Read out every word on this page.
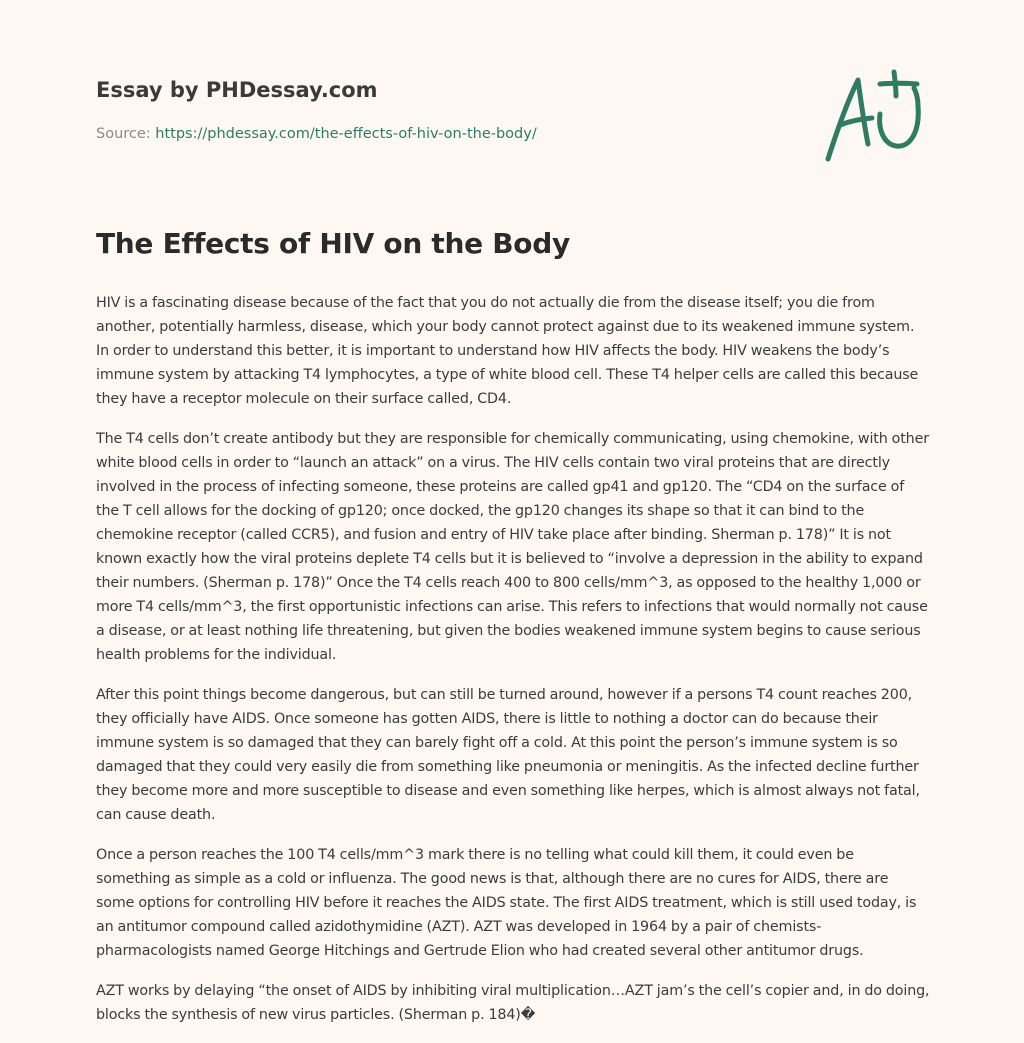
Essay by PHDessay.com
Source: https://phdessay.com/the-effects-of-hiv-on-the-body/
The Effects of HIV on the Body

HIV is a fascinating disease because of the fact that you do not actually die from the disease itself; you die from another, potentially harmless, disease, which your body cannot protect against due to its weakened immune system. In order to understand this better, it is important to understand how HIV affects the body. HIV weakens the body’s immune system by attacking T4 lymphocytes, a type of white blood cell. These T4 helper cells are called this because they have a receptor molecule on their surface called, CD4.

The T4 cells don’t create antibody but they are responsible for chemically communicating, using chemokine, with other white blood cells in order to “launch an attack” on a virus. The HIV cells contain two viral proteins that are directly involved in the process of infecting someone, these proteins are called gp41 and gp120. The “CD4 on the surface of the T cell allows for the docking of gp120; once docked, the gp120 changes its shape so that it can bind to the chemokine receptor (called CCR5), and fusion and entry of HIV take place after binding. Sherman p. 178)” It is not known exactly how the viral proteins deplete T4 cells but it is believed to “involve a depression in the ability to expand their numbers. (Sherman p. 178)” Once the T4 cells reach 400 to 800 cells/mm^3, as opposed to the healthy 1,000 or more T4 cells/mm^3, the first opportunistic infections can arise. This refers to infections that would normally not cause a disease, or at least nothing life threatening, but given the bodies weakened immune system begins to cause serious health problems for the individual.

After this point things become dangerous, but can still be turned around, however if a persons T4 count reaches 200, they officially have AIDS. Once someone has gotten AIDS, there is little to nothing a doctor can do because their immune system is so damaged that they can barely fight off a cold. At this point the person’s immune system is so damaged that they could very easily die from something like pneumonia or meningitis. As the infected decline further they become more and more susceptible to disease and even something like herpes, which is almost always not fatal, can cause death.

Once a person reaches the 100 T4 cells/mm^3 mark there is no telling what could kill them, it could even be something as simple as a cold or influenza. The good news is that, although there are no cures for AIDS, there are some options for controlling HIV before it reaches the AIDS state. The first AIDS treatment, which is still used today, is an antitumor compound called azidothymidine (AZT). AZT was developed in 1964 by a pair of chemists-pharmacologists named George Hitchings and Gertrude Elion who had created several other antitumor drugs.

AZT works by delaying “the onset of AIDS by inhibiting viral multiplication…AZT jam’s the cell’s copier and, in do doing, blocks the synthesis of new virus particles. (Sherman p. 184)�
